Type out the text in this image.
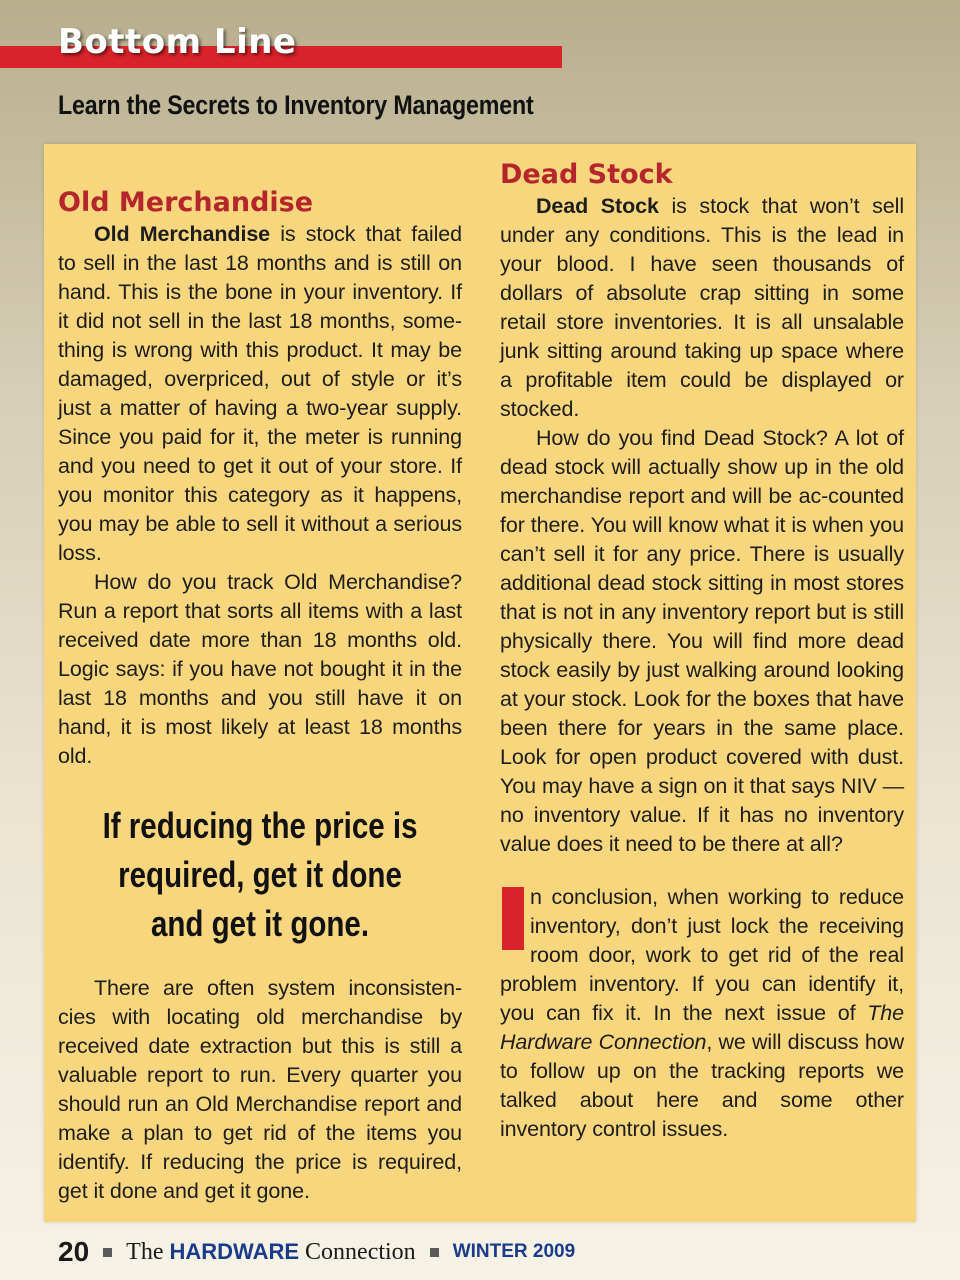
Bottom Line
Learn the Secrets to Inventory Management
Old Merchandise

Old Merchandise is stock that failed to sell in the last 18 months and is still on hand. This is the bone in your inventory. If it did not sell in the last 18 months, some-thing is wrong with this product. It may be damaged, overpriced, out of style or it’s just a matter of having a two-year supply. Since you paid for it, the meter is running and you need to get it out of your store. If you monitor this category as it happens, you may be able to sell it without a serious loss.

How do you track Old Merchandise? Run a report that sorts all items with a last received date more than 18 months old. Logic says: if you have not bought it in the last 18 months and you still have it on hand, it is most likely at least 18 months old.

If reducing the price is
required, get it done
and get it gone.

There are often system inconsisten-cies with locating old merchandise by received date extraction but this is still a valuable report to run. Every quarter you should run an Old Merchandise report and make a plan to get rid of the items you identify. If reducing the price is required, get it done and get it gone.

Dead Stock

Dead Stock is stock that won’t sell under any conditions. This is the lead in your blood. I have seen thousands of dollars of absolute crap sitting in some retail store inventories. It is all unsalable junk sitting around taking up space where a profitable item could be displayed or stocked.

How do you find Dead Stock? A lot of dead stock will actually show up in the old merchandise report and will be ac-counted for there. You will know what it is when you can’t sell it for any price. There is usually additional dead stock sitting in most stores that is not in any inventory report but is still physically there. You will find more dead stock easily by just walking around looking at your stock. Look for the boxes that have been there for years in the same place. Look for open product covered with dust. You may have a sign on it that says NIV — no inventory value. If it has no inventory value does it need to be there at all?

n conclusion, when working to reduce inventory, don’t just lock the receiving room door, work to get rid of the real problem inventory. If you can identify it, you can fix it. In the next issue of The Hardware Connection, we will discuss how to follow up on the tracking reports we talked about here and some other inventory control issues.

20 The HARDWARE Connection WINTER 2009
